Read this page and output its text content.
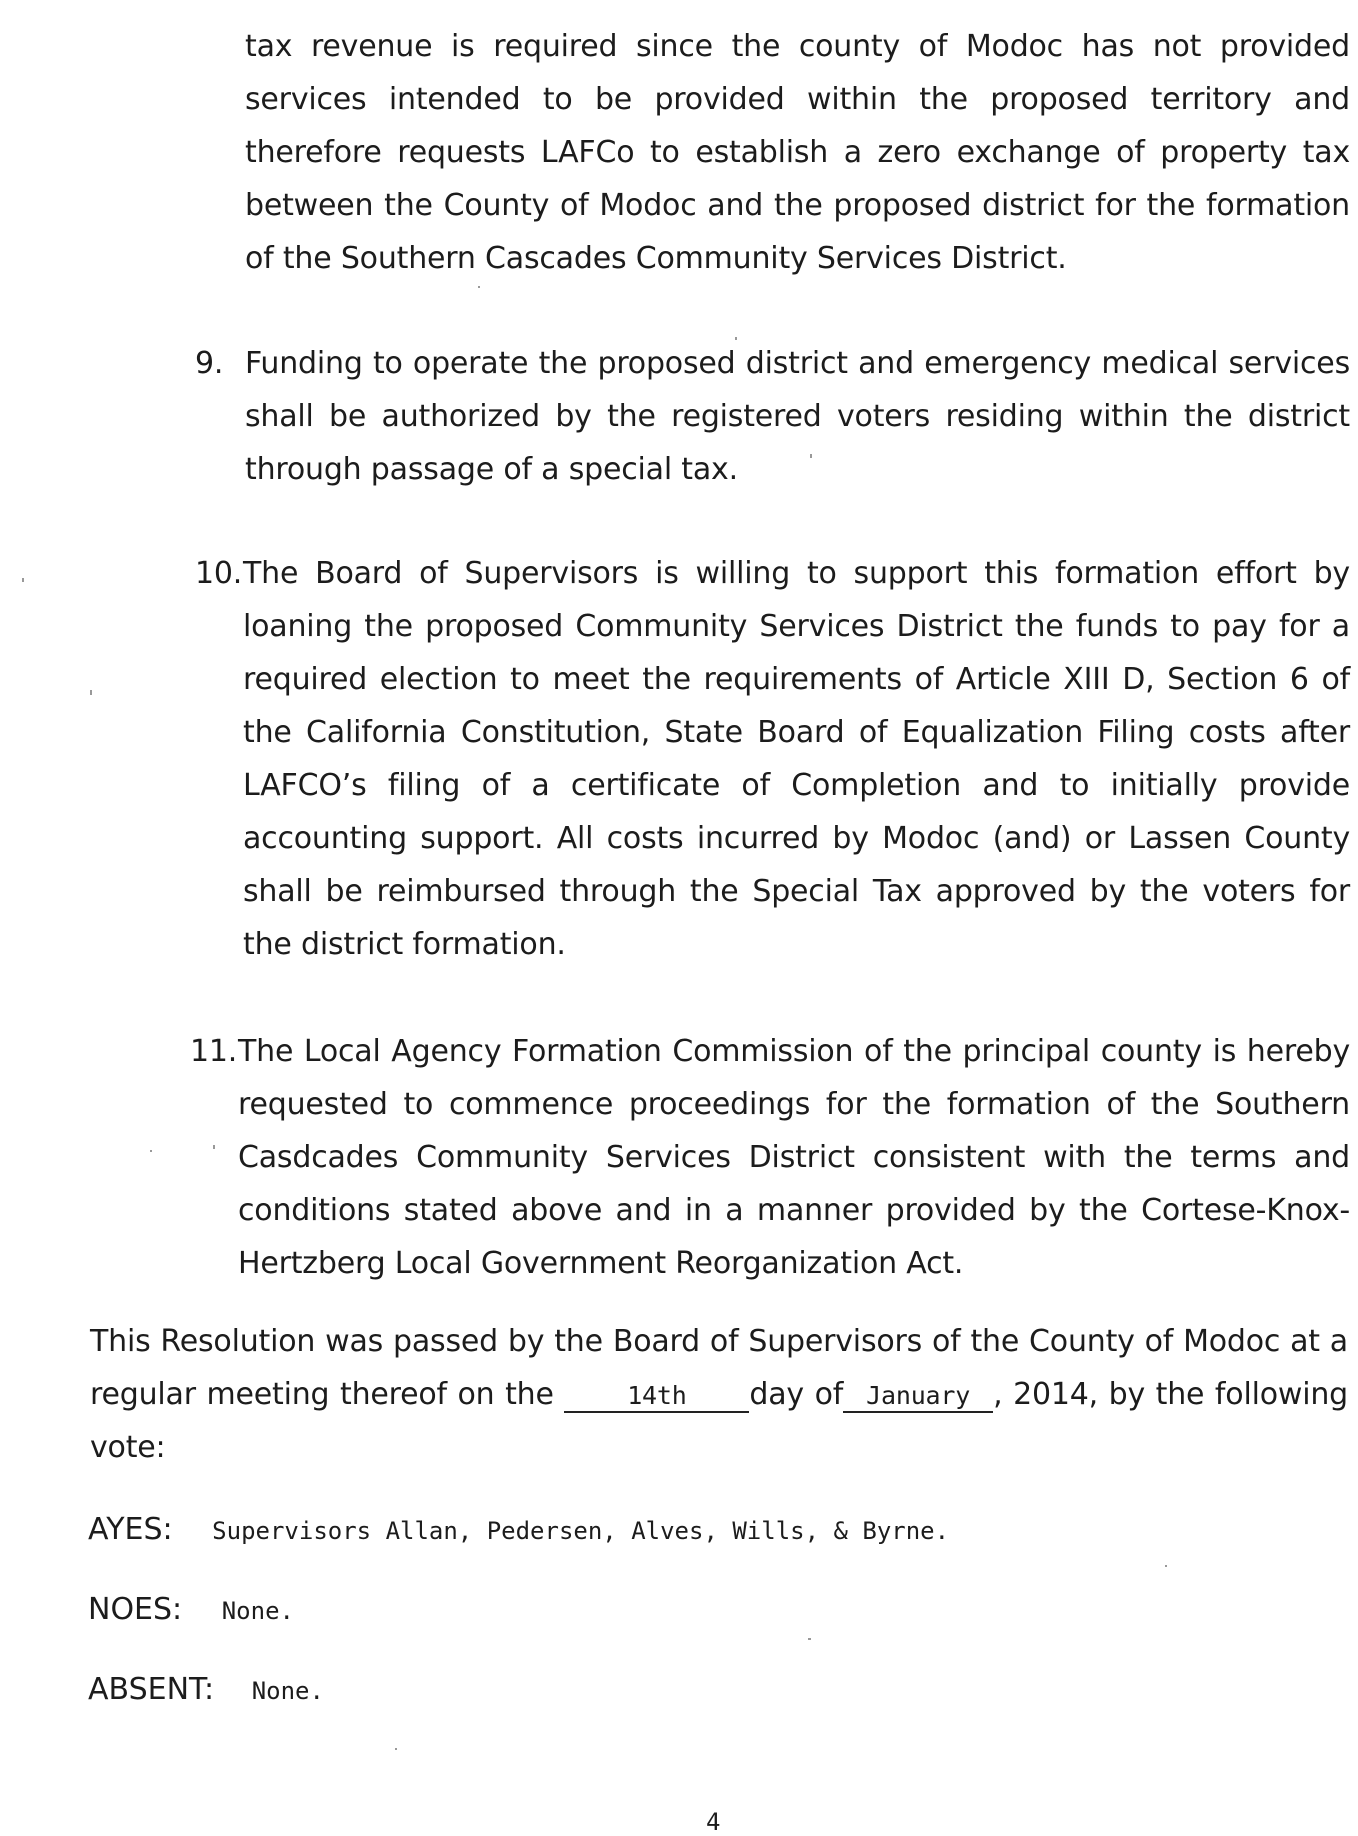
tax revenue is required since the county of Modoc has not provided services intended to be provided within the proposed territory and therefore requests LAFCo to establish a zero exchange of property tax between the County of Modoc and the proposed district for the formation of the Southern Cascades Community Services District.
9. Funding to operate the proposed district and emergency medical services shall be authorized by the registered voters residing within the district through passage of a special tax.
10. The Board of Supervisors is willing to support this formation effort by loaning the proposed Community Services District the funds to pay for a required election to meet the requirements of Article XIII D, Section 6 of the California Constitution, State Board of Equalization Filing costs after LAFCO’s filing of a certificate of Completion and to initially provide accounting support. All costs incurred by Modoc (and) or Lassen County shall be reimbursed through the Special Tax approved by the voters for the district formation.
11. The Local Agency Formation Commission of the principal county is hereby requested to commence proceedings for the formation of the Southern Casdcades Community Services District consistent with the terms and conditions stated above and in a manner provided by the Cortese-Knox-Hertzberg Local Government Reorganization Act.
This Resolution was passed by the Board of Supervisors of the County of Modoc at a regular meeting thereof on the	14th day of January , 2014, by the following vote:
AYES: Supervisors Allan, Pedersen, Alves, Wills, & Byrne.
NOES: None.
ABSENT: None.
4
